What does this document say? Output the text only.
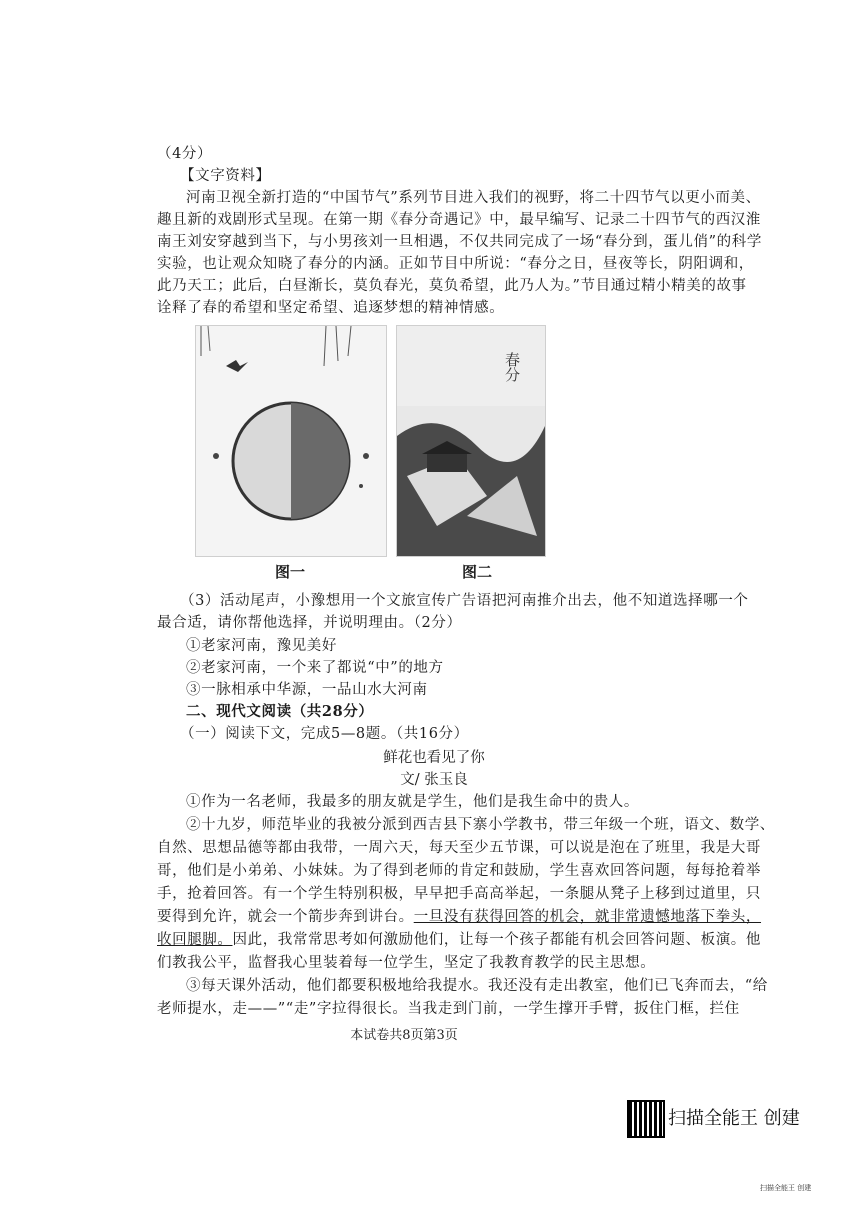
（4分）
【文字资料】
河南卫视全新打造的“中国节气”系列节目进入我们的视野，将二十四节气以更小而美、
趣且新的戏剧形式呈现。在第一期《春分奇遇记》中，最早编写、记录二十四节气的西汉淮
南王刘安穿越到当下，与小男孩刘一旦相遇，不仅共同完成了一场“春分到，蛋儿俏”的科学
实验，也让观众知晓了春分的内涵。正如节目中所说：“春分之日，昼夜等长，阴阳调和，
此乃天工；此后，白昼渐长，莫负春光，莫负希望，此乃人为。”节目通过精小精美的故事
诠释了春的希望和坚定希望、追逐梦想的精神情感。
春分
图一	图二
（3）活动尾声，小豫想用一个文旅宣传广告语把河南推介出去，他不知道选择哪一个
最合适，请你帮他选择，并说明理由。（2分）
①老家河南，豫见美好
②老家河南，一个来了都说“中”的地方
③一脉相承中华源，一品山水大河南
二、现代文阅读（共28分）
（一）阅读下文，完成5—8题。（共16分）
鲜花也看见了你
文/ 张玉良
①作为一名老师，我最多的朋友就是学生，他们是我生命中的贵人。
②十九岁，师范毕业的我被分派到西吉县下寨小学教书，带三年级一个班，语文、数学、
自然、思想品德等都由我带，一周六天，每天至少五节课，可以说是泡在了班里，我是大哥
哥，他们是小弟弟、小妹妹。为了得到老师的肯定和鼓励，学生喜欢回答问题，每每抢着举
手，抢着回答。有一个学生特别积极，早早把手高高举起，一条腿从凳子上移到过道里，只
要得到允许，就会一个箭步奔到讲台。一旦没有获得回答的机会，就非常遗憾地落下拳头，
收回腿脚。因此，我常常思考如何激励他们，让每一个孩子都能有机会回答问题、板演。他
们教我公平，监督我心里装着每一位学生，坚定了我教育教学的民主思想。
③每天课外活动，他们都要积极地给我提水。我还没有走出教室，他们已飞奔而去，“给
老师提水，走——”“走”字拉得很长。当我走到门前，一学生撑开手臂，扳住门框，拦住
本试卷共8页第3页
扫描全能王 创建
扫描全能王 创建
